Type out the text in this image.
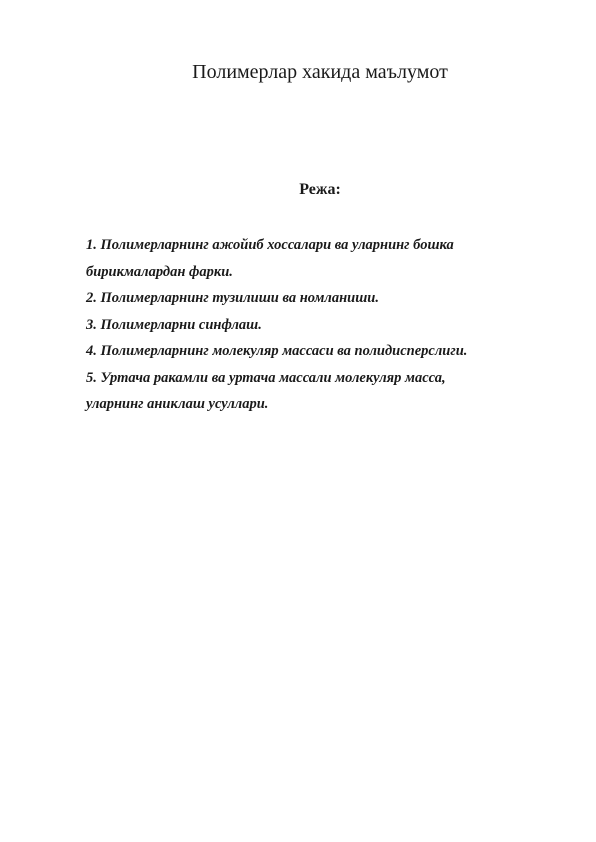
Полимерлар хакида маълумот
Режа:
1. Полимерларнинг ажойиб хоссалари ва уларнинг бошка
бирикмалардан фарки.
2. Полимерларнинг тузилиши ва номланиши.
3. Полимерларни синфлаш.
4. Полимерларнинг молекуляр массаси ва полидисперслиги.
5. Уртача ракамли ва уртача массали молекуляр масса,
уларнинг аниклаш усуллари.
